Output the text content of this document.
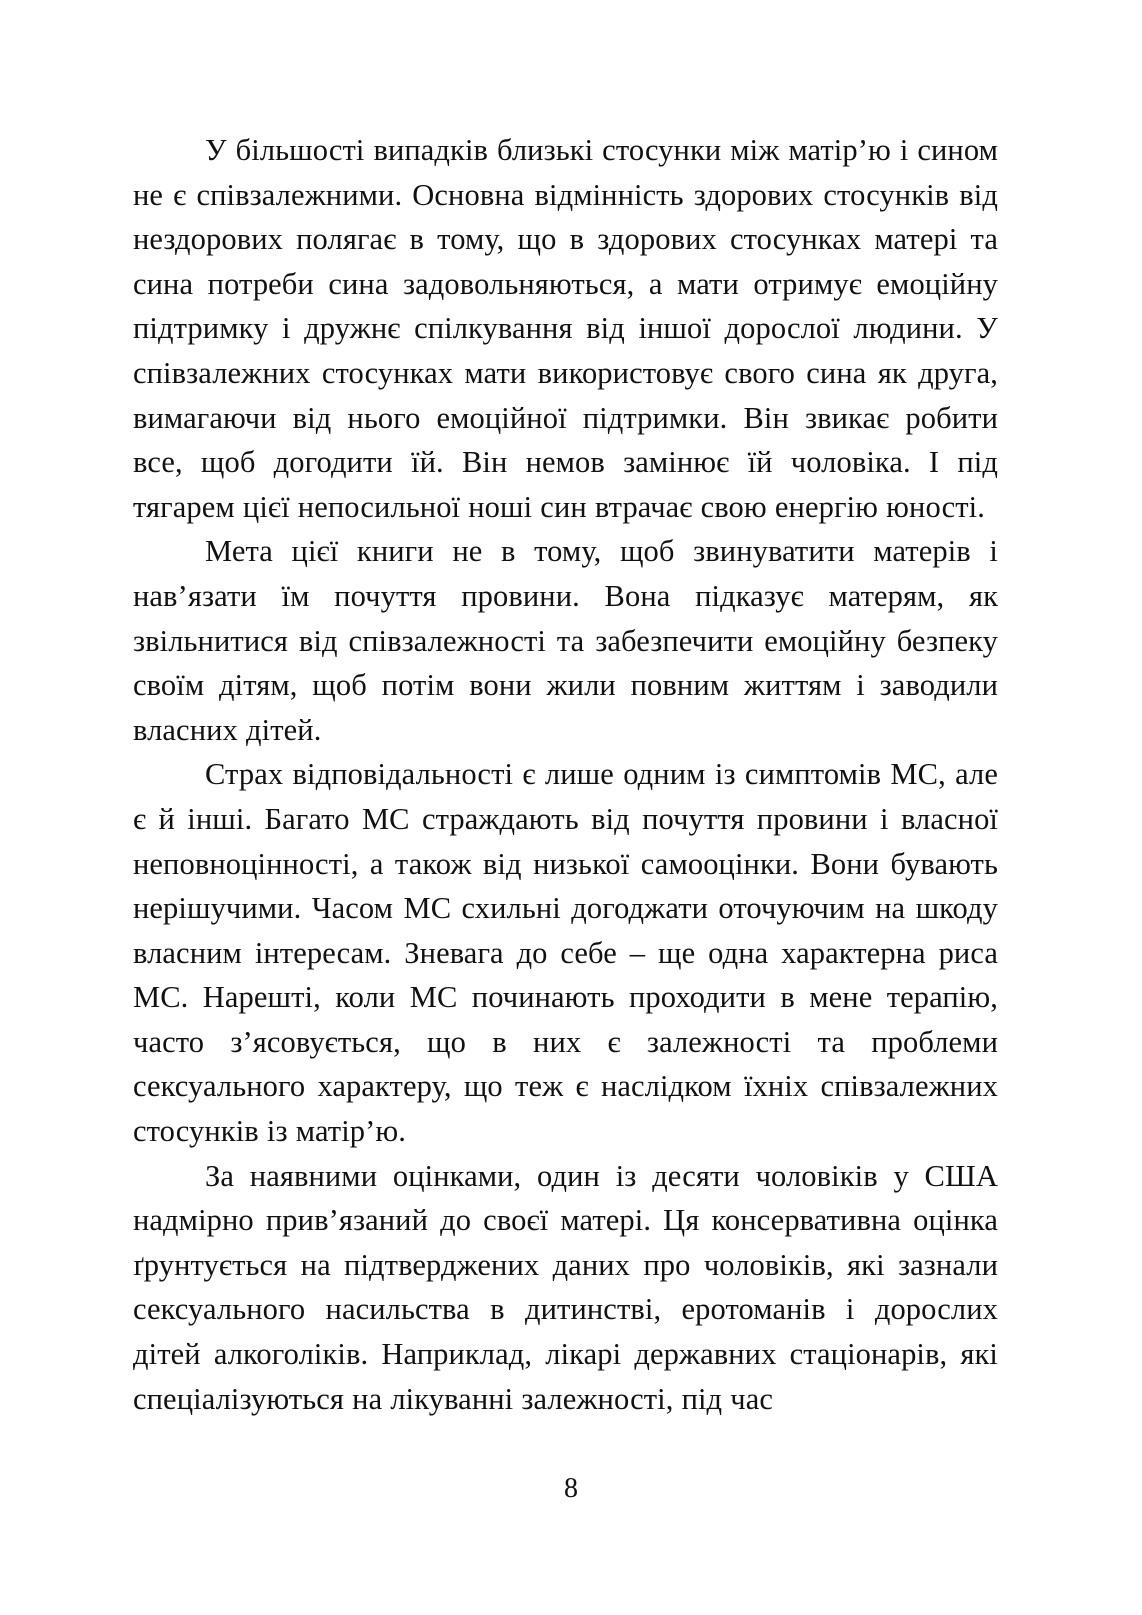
У більшості випадків близькі стосунки між матір’ю і сином не є співзалежними. Основна відмінність здорових стосунків від нездорових полягає в тому, що в здорових стосунках матері та сина потреби сина задовольняються, а мати отримує емоційну підтримку і дружнє спілкування від іншої дорослої людини. У співзалежних стосунках мати використовує свого сина як друга, вимагаючи від нього емоційної підтримки. Він звикає робити все, щоб догодити їй. Він немов замінює їй чоловіка. І під тягарем цієї непосильної ноші син втрачає свою енергію юності.

Мета цієї книги не в тому, щоб звинуватити матерів і нав’язати їм почуття провини. Вона підказує матерям, як звільнитися від співзалежності та забезпечити емоційну безпеку своїм дітям, щоб потім вони жили повним життям і заводили власних дітей.

Страх відповідальності є лише одним із симптомів МС, але є й інші. Багато МС страждають від почуття провини і власної неповноцінності, а також від низької самооцінки. Вони бувають нерішучими. Часом МС схильні догоджати оточуючим на шкоду власним інтересам. Зневага до себе – ще одна характерна риса МС. Нарешті, коли МС починають проходити в мене терапію, часто з’ясовується, що в них є залежності та проблеми сексуального характеру, що теж є наслідком їхніх співзалежних стосунків із матір’ю.

За наявними оцінками, один із десяти чоловіків у США надмірно прив’язаний до своєї матері. Ця консервативна оцінка ґрунтується на підтверджених даних про чоловіків, які зазнали сексуального насильства в дитинстві, еротоманів і дорослих дітей алкоголіків. Наприклад, лікарі державних стаціонарів, які спеціалізуються на лікуванні залежності, під час

8
